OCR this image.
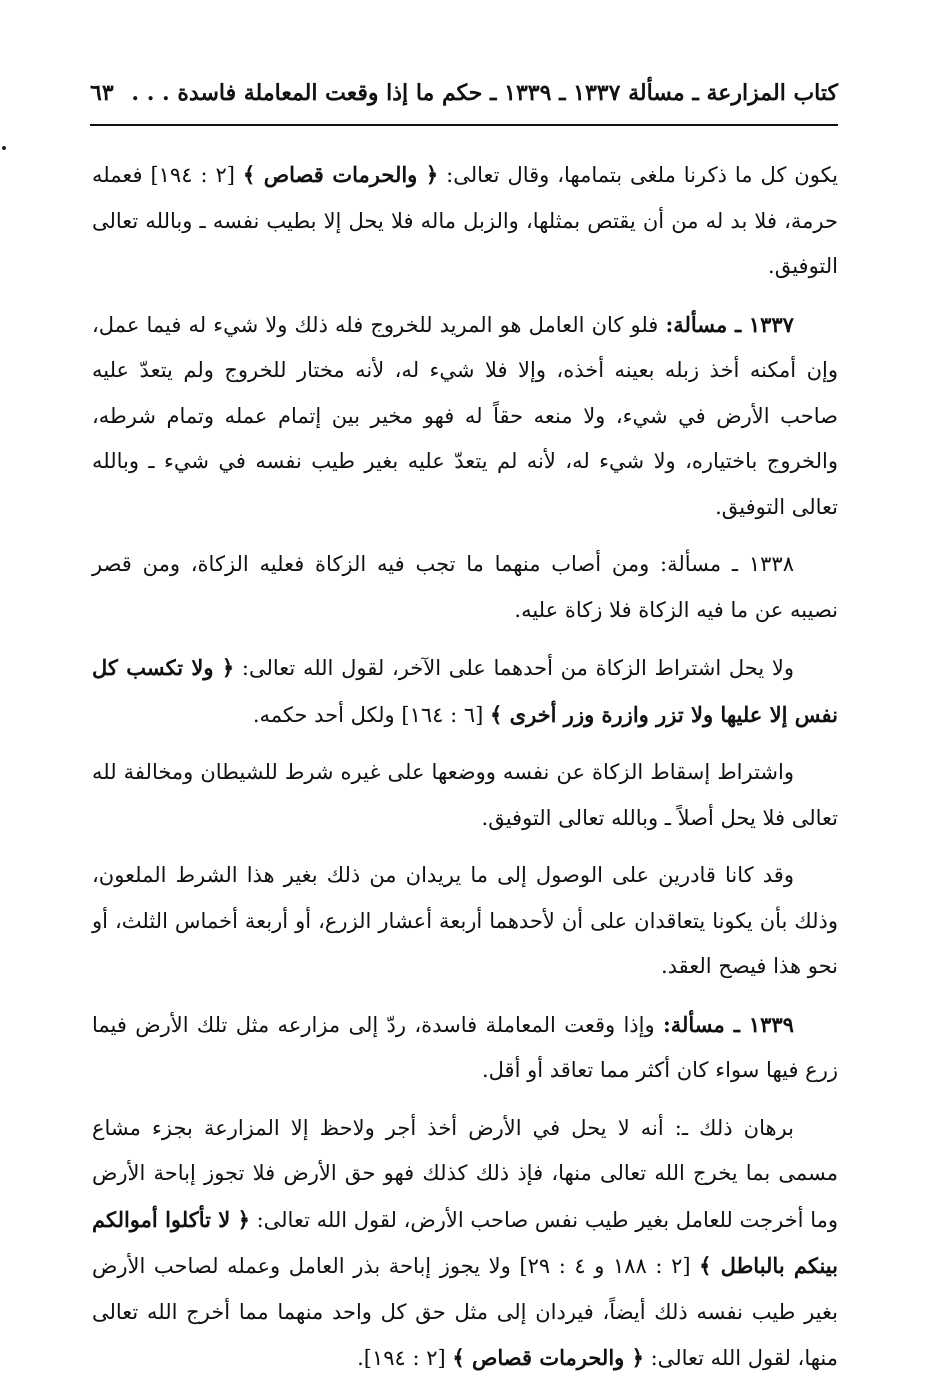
كتاب المزارعة ـ مسألة ١٣٣٧ ـ ١٣٣٩ ـ حكم ما إذا وقعت المعاملة فاسدة . . .
٦٣

يكون كل ما ذكرنا ملغى بتمامها، وقال تعالى: ﴿ والحرمات قصاص ﴾ [٢ : ١٩٤] فعمله حرمة، فلا بد له من أن يقتص بمثلها، والزبل ماله فلا يحل إلا بطيب نفسه ـ وبالله تعالى التوفيق.

١٣٣٧ ـ مسألة: فلو كان العامل هو المريد للخروج فله ذلك ولا شيء له فيما عمل، وإن أمكنه أخذ زبله بعينه أخذه، وإلا فلا شيء له، لأنه مختار للخروج ولم يتعدّ عليه صاحب الأرض في شيء، ولا منعه حقاً له فهو مخير بين إتمام عمله وتمام شرطه، والخروج باختياره، ولا شيء له، لأنه لم يتعدّ عليه بغير طيب نفسه في شيء ـ وبالله تعالى التوفيق.

١٣٣٨ ـ مسألة: ومن أصاب منهما ما تجب فيه الزكاة فعليه الزكاة، ومن قصر نصيبه عن ما فيه الزكاة فلا زكاة عليه.

ولا يحل اشتراط الزكاة من أحدهما على الآخر، لقول الله تعالى: ﴿ ولا تكسب كل نفس إلا عليها ولا تزر وازرة وزر أخرى ﴾ [٦ : ١٦٤] ولكل أحد حكمه.

واشتراط إسقاط الزكاة عن نفسه ووضعها على غيره شرط للشيطان ومخالفة لله تعالى فلا يحل أصلاً ـ وبالله تعالى التوفيق.

وقد كانا قادرين على الوصول إلى ما يريدان من ذلك بغير هذا الشرط الملعون، وذلك بأن يكونا يتعاقدان على أن لأحدهما أربعة أعشار الزرع، أو أربعة أخماس الثلث، أو نحو هذا فيصح العقد.

١٣٣٩ ـ مسألة: وإذا وقعت المعاملة فاسدة، ردّ إلى مزارعه مثل تلك الأرض فيما زرع فيها سواء كان أكثر مما تعاقد أو أقل.

برهان ذلك ـ: أنه لا يحل في الأرض أخذ أجر ولاحظ إلا المزارعة بجزء مشاع مسمى بما يخرج الله تعالى منها، فإذ ذلك كذلك فهو حق الأرض فلا تجوز إباحة الأرض وما أخرجت للعامل بغير طيب نفس صاحب الأرض، لقول الله تعالى: ﴿ لا تأكلوا أموالكم بينكم بالباطل ﴾ [٢ : ١٨٨ و ٤ : ٢٩] ولا يجوز إباحة بذر العامل وعمله لصاحب الأرض بغير طيب نفسه ذلك أيضاً، فيردان إلى مثل حق كل واحد منهما مما أخرج الله تعالى منها، لقول الله تعالى: ﴿ والحرمات قصاص ﴾ [٢ : ١٩٤].
